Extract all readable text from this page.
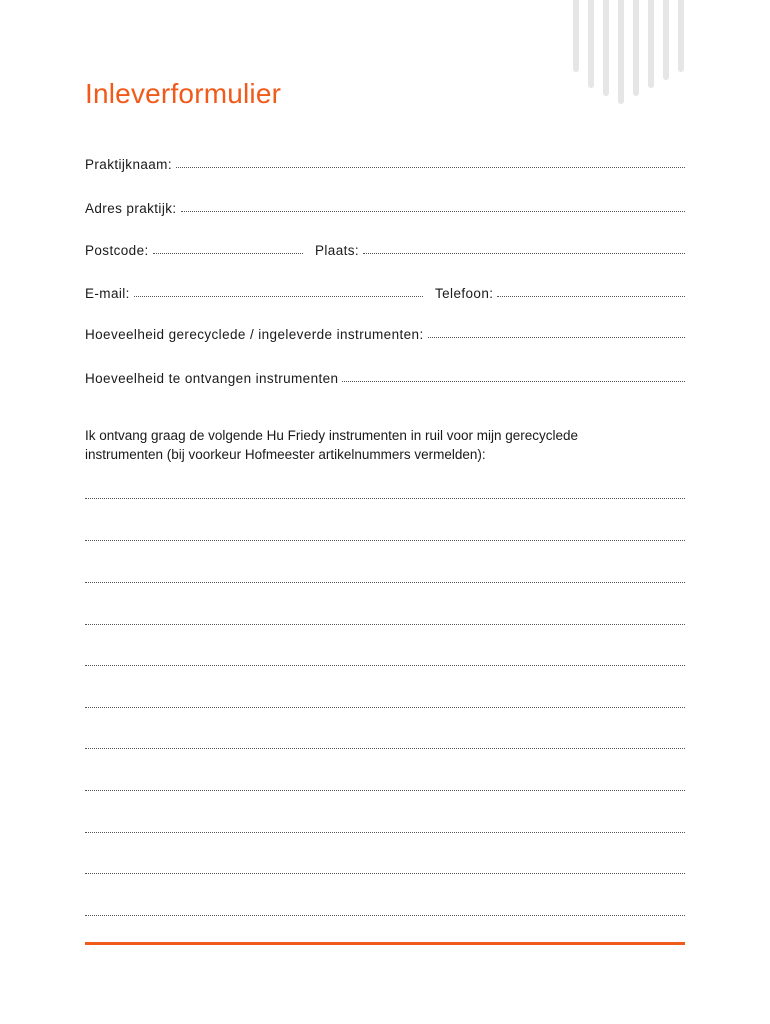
Inleverformulier
Praktijknaam:
Adres praktijk:
Postcode:	Plaats:
E-mail:	Telefoon:
Hoeveelheid gerecyclede / ingeleverde instrumenten:
Hoeveelheid te ontvangen instrumenten
Ik ontvang graag de volgende Hu Friedy instrumenten in ruil voor mijn gerecyclede
instrumenten (bij voorkeur Hofmeester artikelnummers vermelden):
